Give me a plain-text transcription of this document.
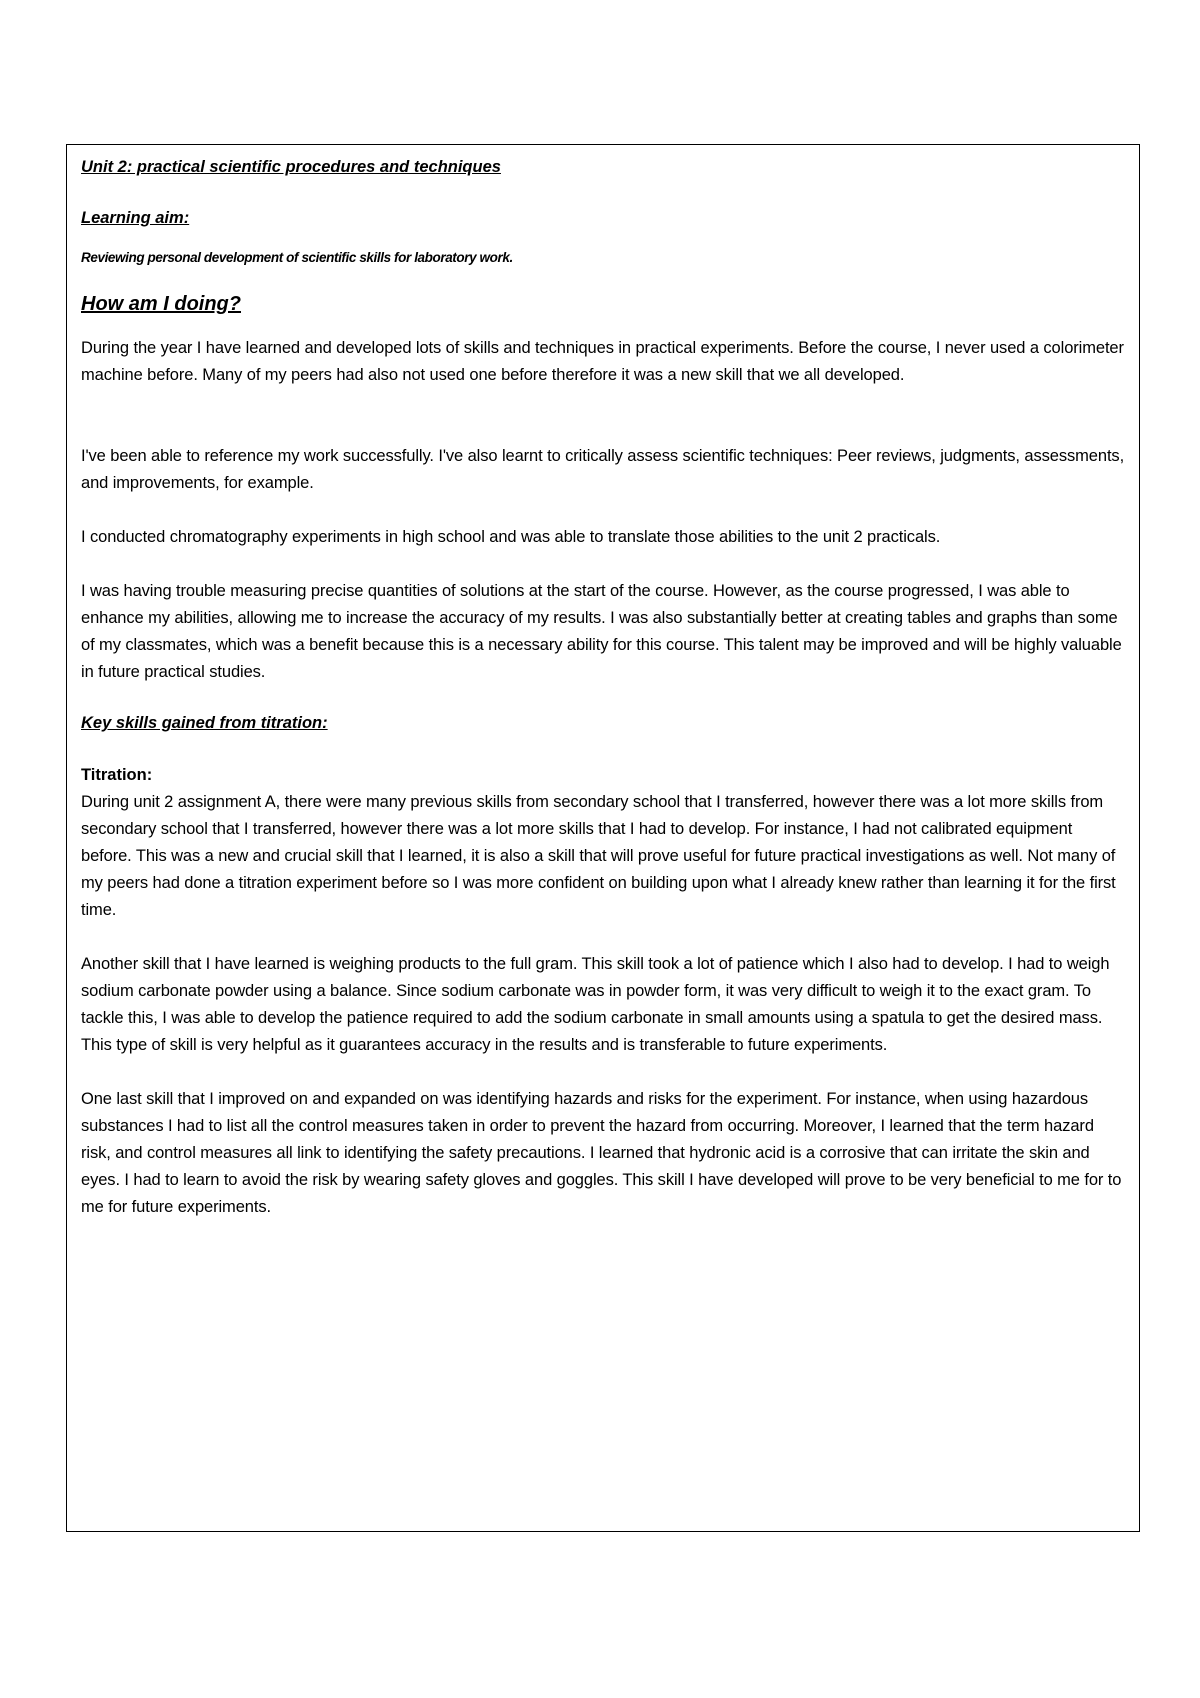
Unit 2: practical scientific procedures and techniques

Learning aim:

Reviewing personal development of scientific skills for laboratory work.

How am I doing?

During the year I have learned and developed lots of skills and techniques in practical experiments. Before the course, I never used a colorimeter machine before. Many of my peers had also not used one before therefore it was a new skill that we all developed.

I've been able to reference my work successfully. I've also learnt to critically assess scientific techniques: Peer reviews, judgments, assessments, and improvements, for example.

I conducted chromatography experiments in high school and was able to translate those abilities to the unit 2 practicals.

I was having trouble measuring precise quantities of solutions at the start of the course. However, as the course progressed, I was able to enhance my abilities, allowing me to increase the accuracy of my results. I was also substantially better at creating tables and graphs than some of my classmates, which was a benefit because this is a necessary ability for this course. This talent may be improved and will be highly valuable in future practical studies.

Key skills gained from titration:

Titration:

During unit 2 assignment A, there were many previous skills from secondary school that I transferred, however there was a lot more skills from secondary school that I transferred, however there was a lot more skills that I had to develop. For instance, I had not calibrated equipment before. This was a new and crucial skill that I learned, it is also a skill that will prove useful for future practical investigations as well. Not many of my peers had done a titration experiment before so I was more confident on building upon what I already knew rather than learning it for the first time.

Another skill that I have learned is weighing products to the full gram. This skill took a lot of patience which I also had to develop. I had to weigh sodium carbonate powder using a balance. Since sodium carbonate was in powder form, it was very difficult to weigh it to the exact gram. To tackle this, I was able to develop the patience required to add the sodium carbonate in small amounts using a spatula to get the desired mass. This type of skill is very helpful as it guarantees accuracy in the results and is transferable to future experiments.

One last skill that I improved on and expanded on was identifying hazards and risks for the experiment. For instance, when using hazardous substances I had to list all the control measures taken in order to prevent the hazard from occurring. Moreover, I learned that the term hazard risk, and control measures all link to identifying the safety precautions. I learned that hydronic acid is a corrosive that can irritate the skin and eyes. I had to learn to avoid the risk by wearing safety gloves and goggles. This skill I have developed will prove to be very beneficial to me for to me for future experiments.
